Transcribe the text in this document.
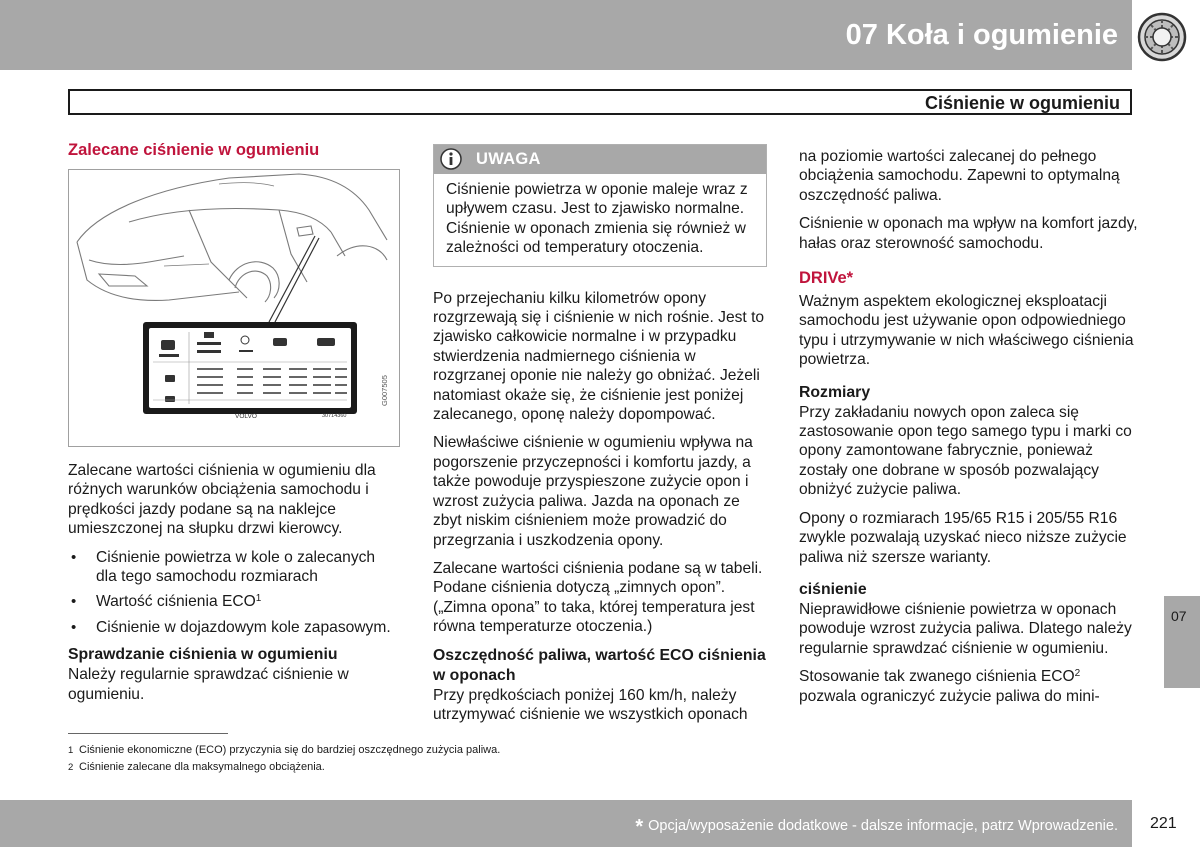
07 Koła i ogumienie
Ciśnienie w ogumieniu
Zalecane ciśnienie w ogumieniu
VOLVO	30714360
G007505

Zalecane wartości ciśnienia w ogumieniu dla różnych warunków obciążenia samochodu i prędkości jazdy podane są na naklejce umieszczonej na słupku drzwi kierowcy.

• Ciśnienie powietrza w kole o zalecanych dla tego samochodu rozmiarach
• Wartość ciśnienia ECO$^1$
• Ciśnienie w dojazdowym kole zapasowym.
Sprawdzanie ciśnienia w ogumieniu

Należy regularnie sprawdzać ciśnienie w ogumieniu.

UWAGA
Ciśnienie powietrza w oponie maleje wraz z upływem czasu. Jest to zjawisko normalne. Ciśnienie w oponach zmienia się również w zależności od temperatury otoczenia.

Po przejechaniu kilku kilometrów opony rozgrzewają się i ciśnienie w nich rośnie. Jest to zjawisko całkowicie normalne i w przypadku stwierdzenia nadmiernego ciśnienia w rozgrzanej oponie nie należy go obniżać. Jeżeli natomiast okaże się, że ciśnienie jest poniżej zalecanego, oponę należy dopompować.

Niewłaściwe ciśnienie w ogumieniu wpływa na pogorszenie przyczepności i komfortu jazdy, a także powoduje przyspieszone zużycie opon i wzrost zużycia paliwa. Jazda na oponach ze zbyt niskim ciśnieniem może prowadzić do przegrzania i uszkodzenia opony.

Zalecane wartości ciśnienia podane są w tabeli. Podane ciśnienia dotyczą „zimnych opon”. („Zimna opona” to taka, której temperatura jest równa temperaturze otoczenia.)

Oszczędność paliwa, wartość ECO ciśnienia w oponach

Przy prędkościach poniżej 160 km/h, należy utrzymywać ciśnienie we wszystkich oponach

na poziomie wartości zalecanej do pełnego obciążenia samochodu. Zapewni to optymalną oszczędność paliwa.

Ciśnienie w oponach ma wpływ na komfort jazdy, hałas oraz sterowność samochodu.

DRIVe*

Ważnym aspektem ekologicznej eksploatacji samochodu jest używanie opon odpowiedniego typu i utrzymywanie w nich właściwego ciśnienia powietrza.

Rozmiary

Przy zakładaniu nowych opon zaleca się zastosowanie opon tego samego typu i marki co opony zamontowane fabrycznie, ponieważ zostały one dobrane w sposób pozwalający obniżyć zużycie paliwa.

Opony o rozmiarach 195/65 R15 i 205/55 R16 zwykle pozwalają uzyskać nieco niższe zużycie paliwa niż szersze warianty.

ciśnienie

Nieprawidłowe ciśnienie powietrza w oponach powoduje wzrost zużycia paliwa. Dlatego należy regularnie sprawdzać ciśnienie w ogumieniu.

Stosowanie tak zwanego ciśnienia ECO$^2$ pozwala ograniczyć zużycie paliwa do mini-

07
1 Ciśnienie ekonomiczne (ECO) przyczynia się do bardziej oszczędnego zużycia paliwa.
2 Ciśnienie zalecane dla maksymalnego obciążenia.
* Opcja/wyposażenie dodatkowe - dalsze informacje, patrz Wprowadzenie. 221
